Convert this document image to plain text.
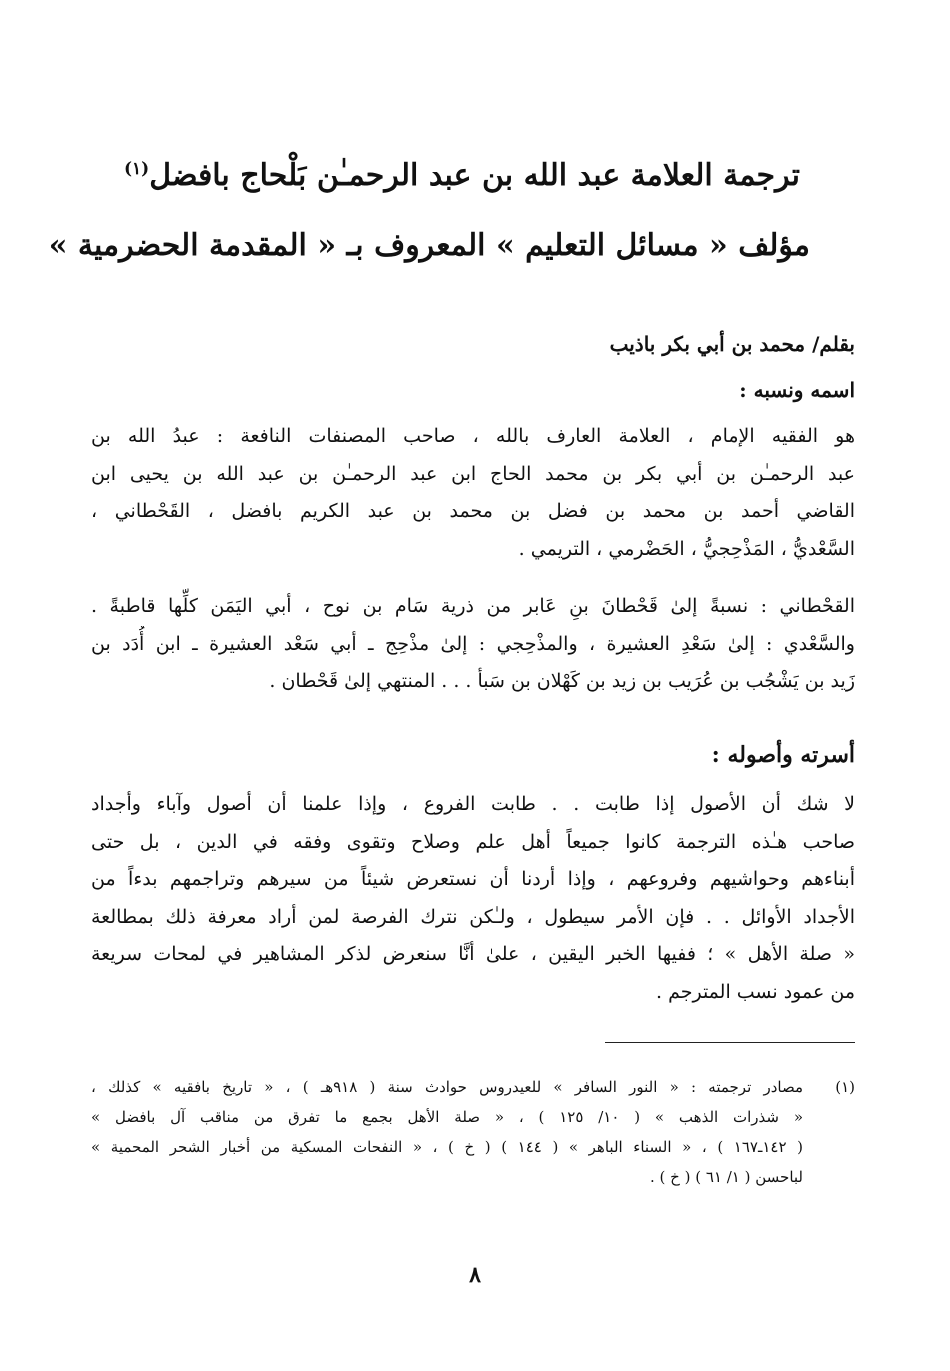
ترجمة العلامة عبد الله بن عبد الرحمـٰن بَلْحاج بافضل$^{(١)}$
مؤلف « مسائل التعليم » المعروف بـ « المقدمة الحضرمية »
بقلم/ محمد بن أبي بكر باذيب
اسمه ونسبه :
هو الفقيه الإمام ، العلامة العارف بالله ، صاحب المصنفات النافعة : عبدُ الله بن
عبد الرحمـٰن بن أبي بكر بن محمد الحاج ابن عبد الرحمـٰن بن عبد الله بن يحيى ابن
القاضي أحمد بن محمد بن فضل بن محمد بن عبد الكريم بافضل ، القَحْطاني ،
السَّعْديُّ ، المَذْحِجيُّ ، الحَضْرمي ، التريمي .
القحْطاني : نسبةً إلىٰ قَحْطانَ بنِ عَابر من ذرية سَام بن نوح ، أبي اليَمَن كلِّها قاطبةً .
والسَّعْدي : إلىٰ سَعْدِ العشيرة ، والمذْحِجي : إلىٰ مذْحِج ـ أبي سَعْد العشيرة ـ ابن أُدَد بن
زَيد بن يَشْجُب بن عُرَيب بن زيد بن كَهْلان بن سَبأ . . . المنتهي إلىٰ قَحْطان .
أسرته وأصوله :
لا شك أن الأصول إذا طابت . . طابت الفروع ، وإذا علمنا أن أصول وآباء وأجداد
صاحب هـٰذه الترجمة كانوا جميعاً أهل علم وصلاح وتقوى وفقه في الدين ، بل حتى
أبناءهم وحواشيهم وفروعهم ، وإذا أردنا أن نستعرض شيئاً من سيرهم وتراجمهم بدءاً من
الأجداد الأوائل . . فإن الأمر سيطول ، ولـٰكن نترك الفرصة لمن أراد معرفة ذلك بمطالعة
« صلة الأهل » ؛ ففيها الخبر اليقين ، علىٰ أنَّا سنعرض لذكر المشاهير في لمحات سريعة
من عمود نسب المترجم .
(١)
مصادر ترجمته : « النور السافر » للعيدروس حوادث سنة ( ٩١٨هـ ) ، « تاريخ بافقيه » كذلك ،
« شذرات الذهب » ( ١٠/ ١٢٥ ) ، « صلة الأهل بجمع ما تفرق من مناقب آل بافضل »
( ١٤٢ـ١٦٧ ) ، « السناء الباهر » ( ١٤٤ ) ( خ ) ، « النفحات المسكية من أخبار الشحر المحمية »
لباحسن ( ١/ ٦١ ) ( خ ) .
٨
